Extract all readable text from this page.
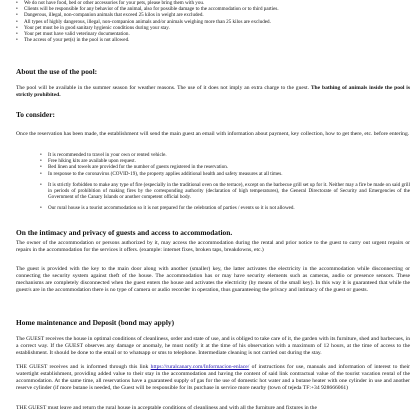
• We do not have food, bed or other accessories for your pets, please bring them with you.
• Clients will be responsible for any behavior of the animal, also for possible damage to the accommodation or to third parties.
• Dangerous, illegal, non-companion animals that exceed 25 kilos in weight are excluded.
• All types of highly dangerous, illegal, non-companion animals and/or animals weighing more than 25 kilos are excluded.
• Your pet must be in good sanitary hygienic conditions during your stay.
• Your pet must have valid veterinary documentation.
• The access of your pet(s) in the pool is not allowed.
About the use of the pool:

The pool will be available in the summer season for weather reasons. The use of it does not imply an extra charge to the guest. The bathing of animals inside the pool is strictly prohibited.

To consider:

Once the reservation has been made, the establishment will send the main guest an email with information about payment, key collection, how to get there, etc. before entering.

• It is recommended to travel in your own or rented vehicle.
• Free hiking kits are available upon request.
• Bed linen and towels are provided for the number of guests registered in the reservation.
• In response to the coronavirus (COVID-19), the property applies additional health and safety measures at all times.
• It is strictly forbidden to make any type of fire (especially in the traditional oven on the terrace), except on the barbecue grill set up for it. Neither may a fire be made on said grill in periods of prohibition of making fires by the corresponding authority (declaration of high temperatures), the General Directorate of Security and Emergencies of the Government of the Canary Islands or another competent official body.
• Our rural house is a tourist accommodation so it is not prepared for the celebration of parties / events so it is not allowed.
On the intimacy and privacy of guests and access to accommodation.

The owner of the accommodation or persons authorized by it, may access the accommodation during the rental and prior notice to the guest to carry out urgent repairs or repairs in the accommodation for the services it offers. (example: internet fixes, broken taps, breakdowns, etc.)

The guest is provided with the key to the main door along with another (smaller) key, the latter activates the electricity in the accommodation while disconnecting or connecting the security system against theft of the house. The accommodation has or may have security elements such as cameras, audio or presence sensors. These mechanisms are completely disconnected when the guest enters the house and activates the electricity (by means of the small key). In this way it is guaranteed that while the guest/s are in the accommodation there is no type of camera or audio recorder in operation, thus guaranteeing the privacy and intimacy of the guest or guests.

Home maintenance and Deposit (bond may apply)

The GUEST receives the house in optimal conditions of cleanliness, order and state of use, and is obliged to take care of it, the garden with its furniture, shed and barbecues, in a correct way. If the GUEST observes any damage or anomaly, he must notify it at the time of his observation with a maximum of 12 hours, at the time of access to the establishment. It should be done to the email or to whatsapp or sms to telephone. Intermediate cleaning is not carried out during the stay.

THE GUEST receives and is informed through this link https://ruralcanary.com/Informacion-enlace/ of instructions for use, manuals and information of interest to their watertight establishment, providing added value to their stay in the accommodation and having the content of said link contractual value of the tourist vacation rental of the accommodation. At the same time, all reservations have a guaranteed supply of gas for the use of domestic hot water and a butane heater with one cylinder in use and another reserve cylinder (if more butane is needed, the Guest will be responsible for its purchase in service more nearby (town of tejeda TF:+34 928666061)

THE GUEST must leave and return the rural house in acceptable conditions of cleanliness and with all the furniture and fixtures in the
